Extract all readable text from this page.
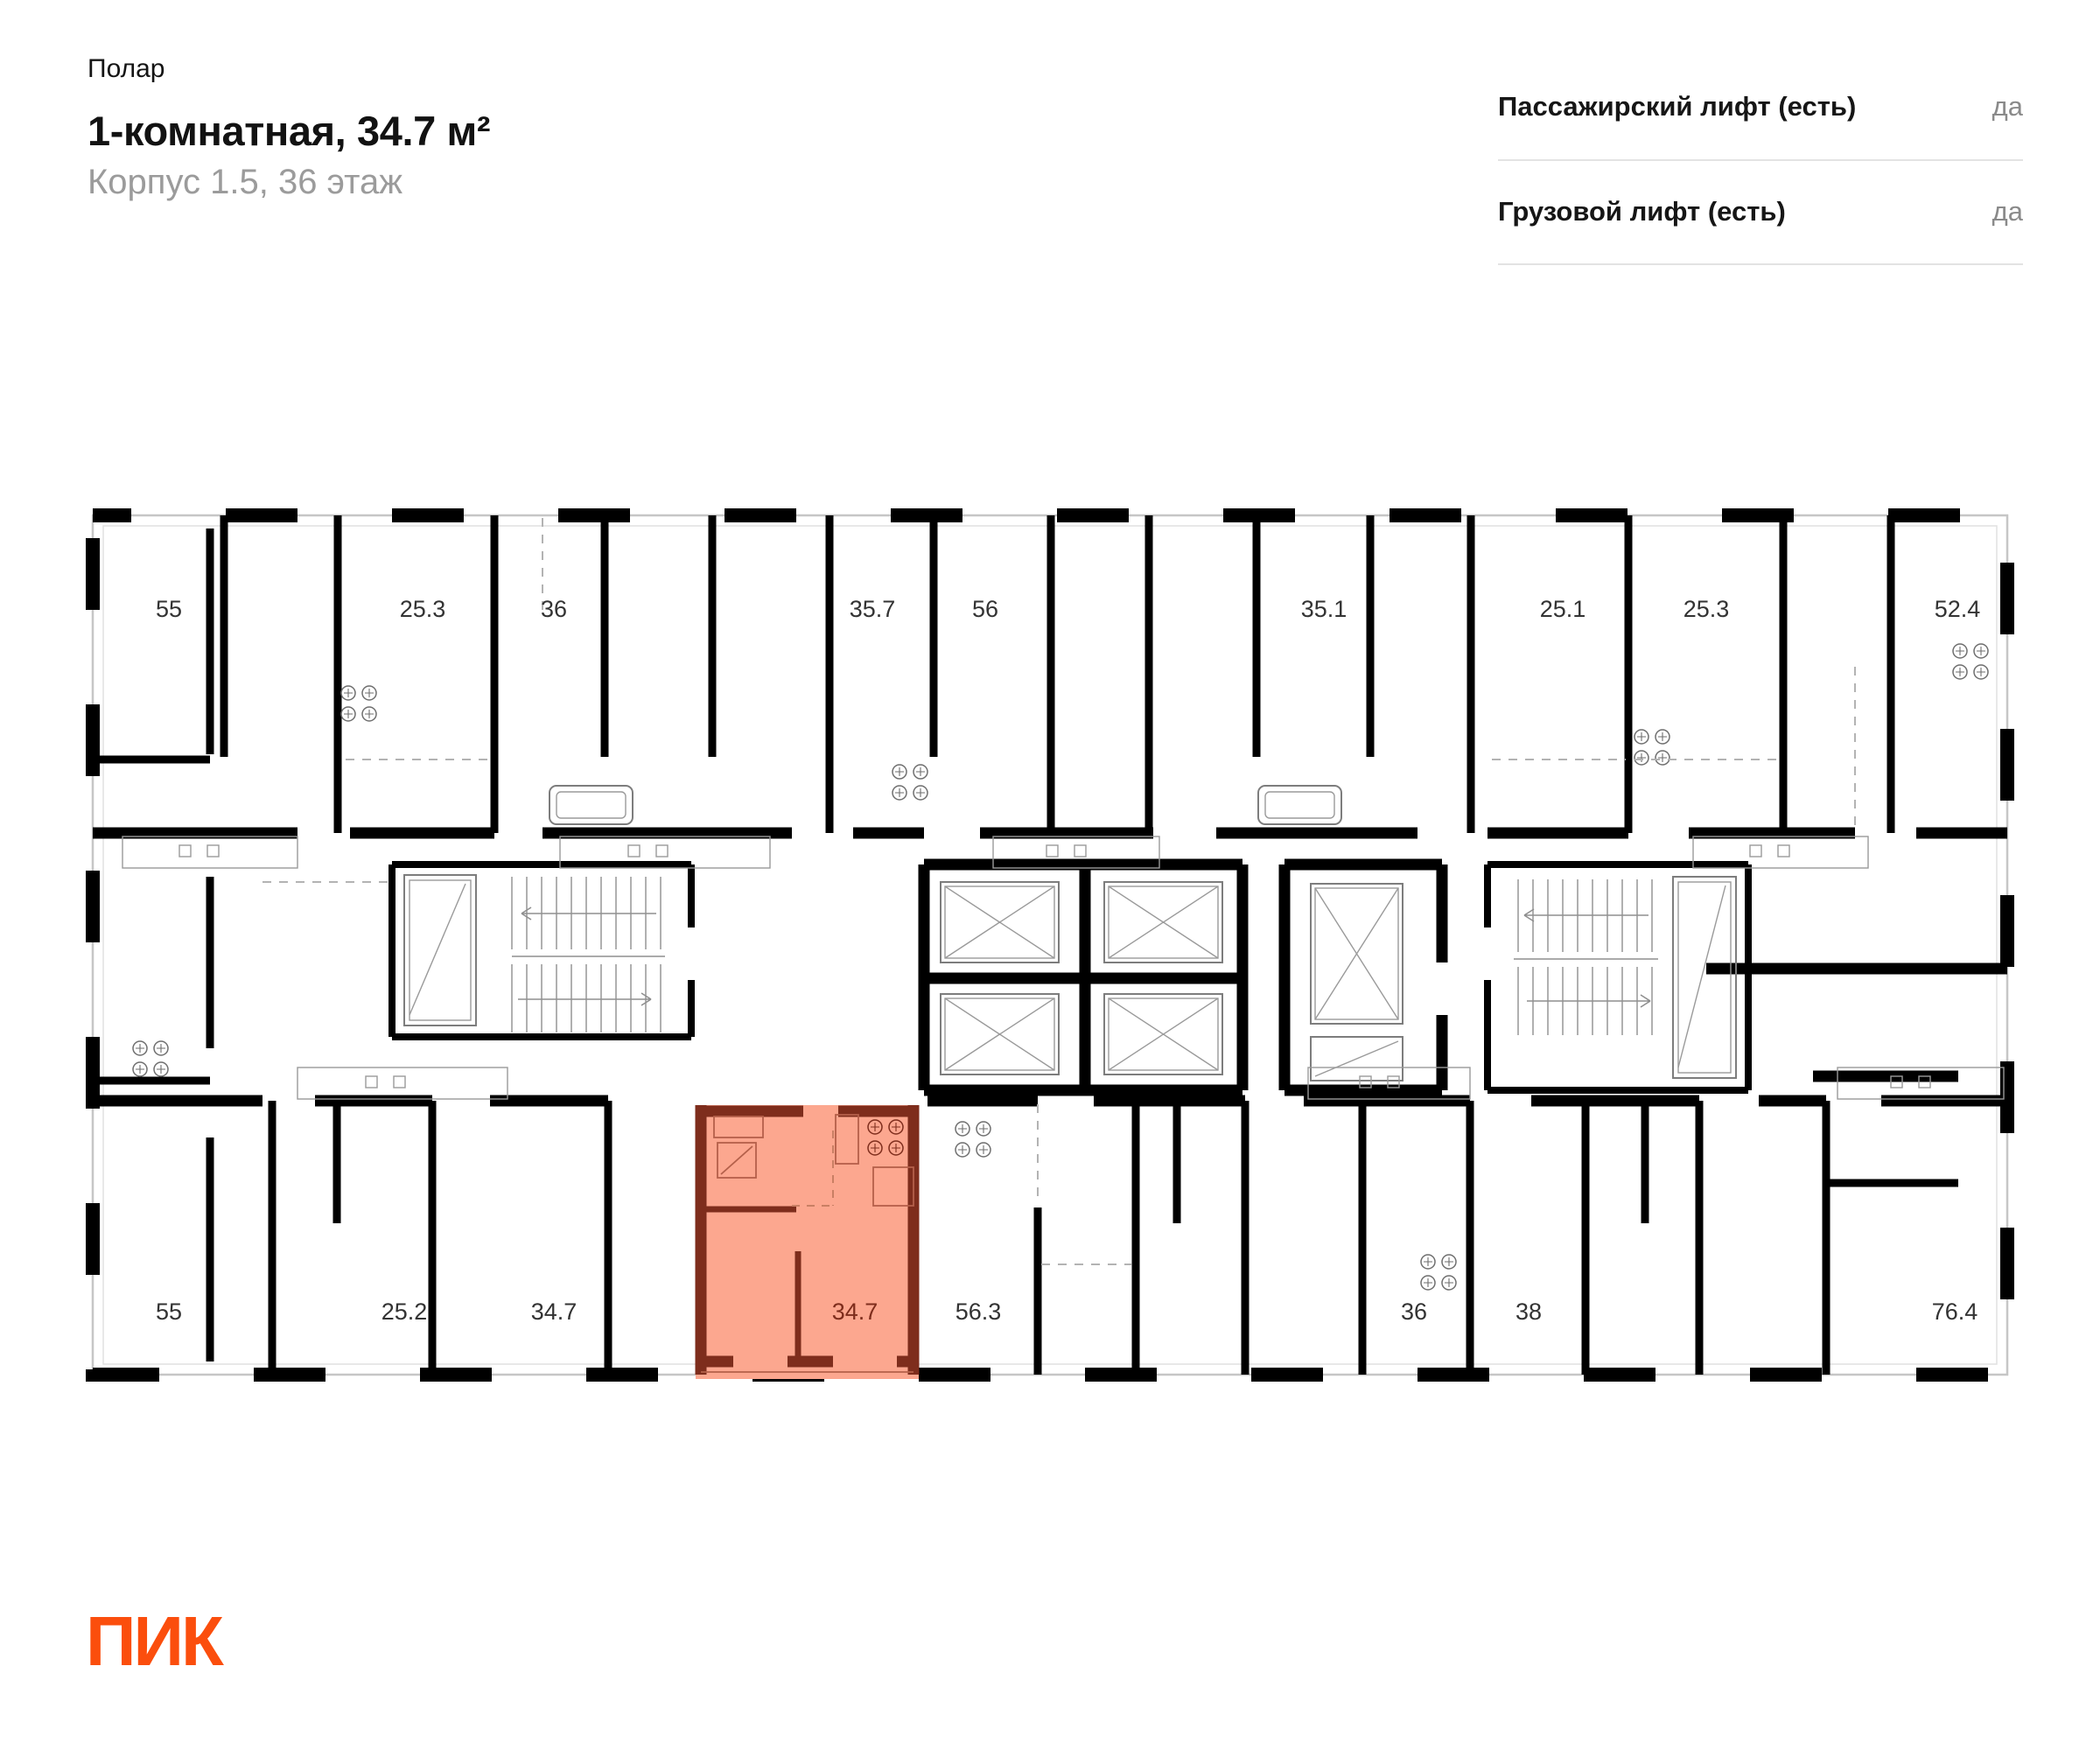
Полар
1-комнатная, 34.7 м²
Корпус 1.5, 36 этаж
Пассажирский лифт (есть)	да
Грузовой лифт (есть)	да
55	25.3	36	35.7	56	35.1	25.1	25.3	52.4
55	25.2	34.7	56.3	36	38	76.4
34.7
ПИК
